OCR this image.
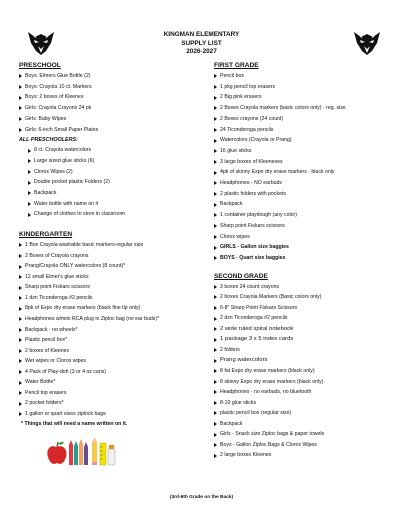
KINGMAN ELEMENTARY
SUPPLY LIST
2026-2027
PRESCHOOL
Boys: Elmers Glue Bottle (2)
Boys: Crayola 10 ct. Markers
Boys: 2 boxes of Kleenex
Girls: Crayola Crayons 24 pk
Girls: Baby Wipes
Girls: 6-inch Small Paper Plates
ALL PRESCHOOLERS:
8 ct. Crayola watercolors
Large sized glue sticks (6)
Clorox Wipes (2)
Double pocket plastic Folders (2)
Backpack
Water bottle with name on it
Change of clothes to store in classroom
KINDERGARTEN
1 Box Crayola washable basic markers-regular size
2 Boxes of Crayola crayons
Prang/Crayola ONLY watercolors (8 count)*
12 small Elmer's glue sticks
Sharp point Fiskars scissors
1 dzn Ticonderoga #2 pencils
8pk of Expo dry erase markers (black fine tip only)
Headphones w/mini RCA plug in Ziploc bag (no ear buds)*
Backpack - no wheels*
Plastic pencil box*
2 boxes of Kleenex
Wet wipes or Clorox wipes
4 Pack of Play-doh (3 or 4 oz cans)
Water Bottle*
Pencil top erasers
2 pocket folders*
1 gallon or quart sizes ziplock bags
* Things that will need a name written on it.
FIRST GRADE
Pencil box
1 pkg pencil top erasers
2 Big pink erasers
2 Boxes Crayola markers (basic colors only) - reg. size
2 Boxes crayons (24 count)
24 Ticonderoga pencils
Watercolors (Crayola or Prang)
16 glue sticks
3 large boxes of Kleenexes
4pk of skinny Expo dry erase markers - black only
Headphones - NO earbuds
2 plastic folders with pockets
Backpack
1 container playdough (any color)
Sharp point Fiskars scissors
Clorox wipes
GIRLS - Gallon size baggies
BOYS - Quart size baggies
SECOND GRADE
3 boxes 24 count crayons
2 boxes Crayola Markers (Basic colors only)
6-8" Sharp Point Fiskars Scissors
2 dzn Ticonderoga #2 pencils
2 wide ruled spiral notebook
1 package 3 x 5 index cards
2 folders
Prang watercolors
8 fat Expo dry erase markers (black only)
8 skinny Expo dry erase markers (black only)
Headphones - no earbuds, no bluetooth
8-10 glue sticks
plastic pencil box (regular size)
Backpack
Girls - Snack size Ziploc bags & paper towels
Boys - Gallon Ziploc Bags & Clorox Wipes
2 large boxes Kleenex
(3rd-6th Grade on the Back)
